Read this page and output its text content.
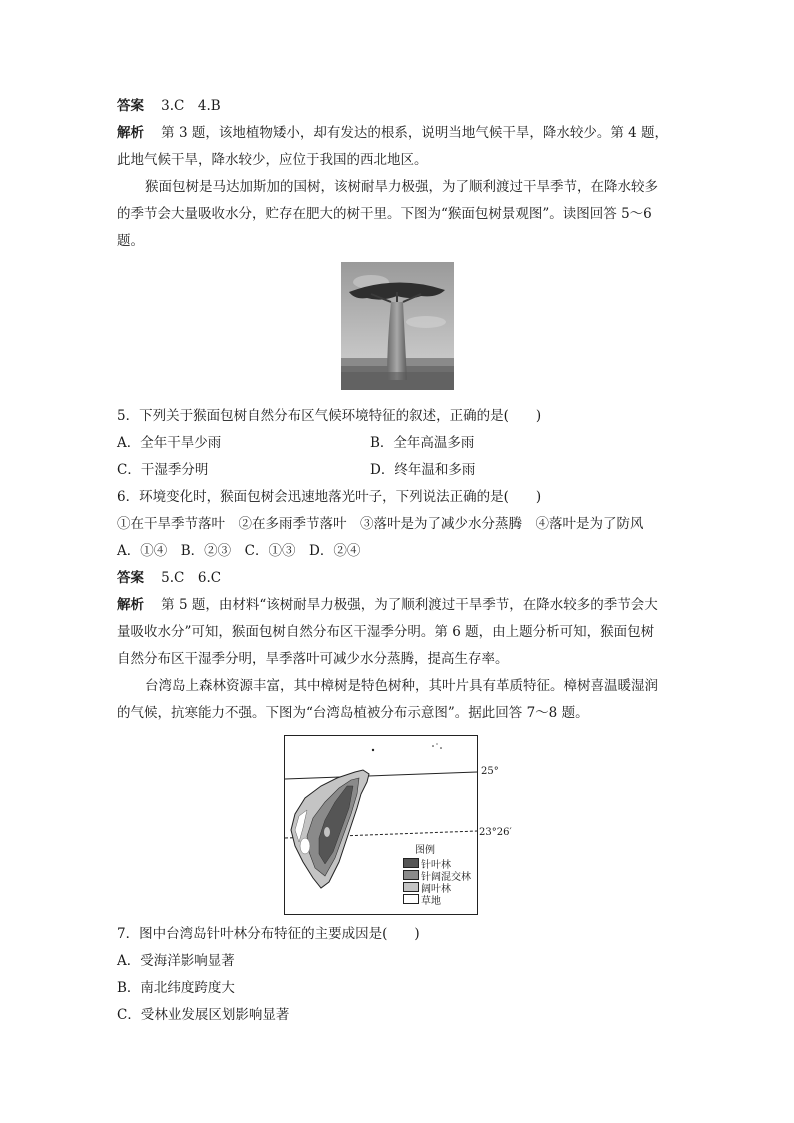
答案 3.C　4.B
解析 第 3 题，该地植物矮小，却有发达的根系，说明当地气候干旱，降水较少。第 4 题，
此地气候干旱，降水较少，应位于我国的西北地区。
猴面包树是马达加斯加的国树，该树耐旱力极强，为了顺利渡过干旱季节，在降水较多
的季节会大量吸收水分，贮存在肥大的树干里。下图为“猴面包树景观图”。读图回答 5～6
题。
5．下列关于猴面包树自然分布区气候环境特征的叙述，正确的是(　　)
A．全年干旱少雨	B．全年高温多雨
C．干湿季分明	D．终年温和多雨
6．环境变化时，猴面包树会迅速地落光叶子，下列说法正确的是(　　)
①在干旱季节落叶　②在多雨季节落叶　③落叶是为了减少水分蒸腾　④落叶是为了防风
A．①④　B．②③　C．①③　D．②④
答案 5.C　6.C
解析 第 5 题，由材料“该树耐旱力极强，为了顺利渡过干旱季节，在降水较多的季节会大
量吸收水分”可知，猴面包树自然分布区干湿季分明。第 6 题，由上题分析可知，猴面包树
自然分布区干湿季分明，旱季落叶可减少水分蒸腾，提高生存率。
台湾岛上森林资源丰富，其中樟树是特色树种，其叶片具有革质特征。樟树喜温暖湿润
的气候，抗寒能力不强。下图为“台湾岛植被分布示意图”。据此回答 7～8 题。
25°
23°26′
图例
针叶林
针阔混交林
阔叶林
草地
7．图中台湾岛针叶林分布特征的主要成因是(　　)
A．受海洋影响显著
B．南北纬度跨度大
C．受林业发展区划影响显著
